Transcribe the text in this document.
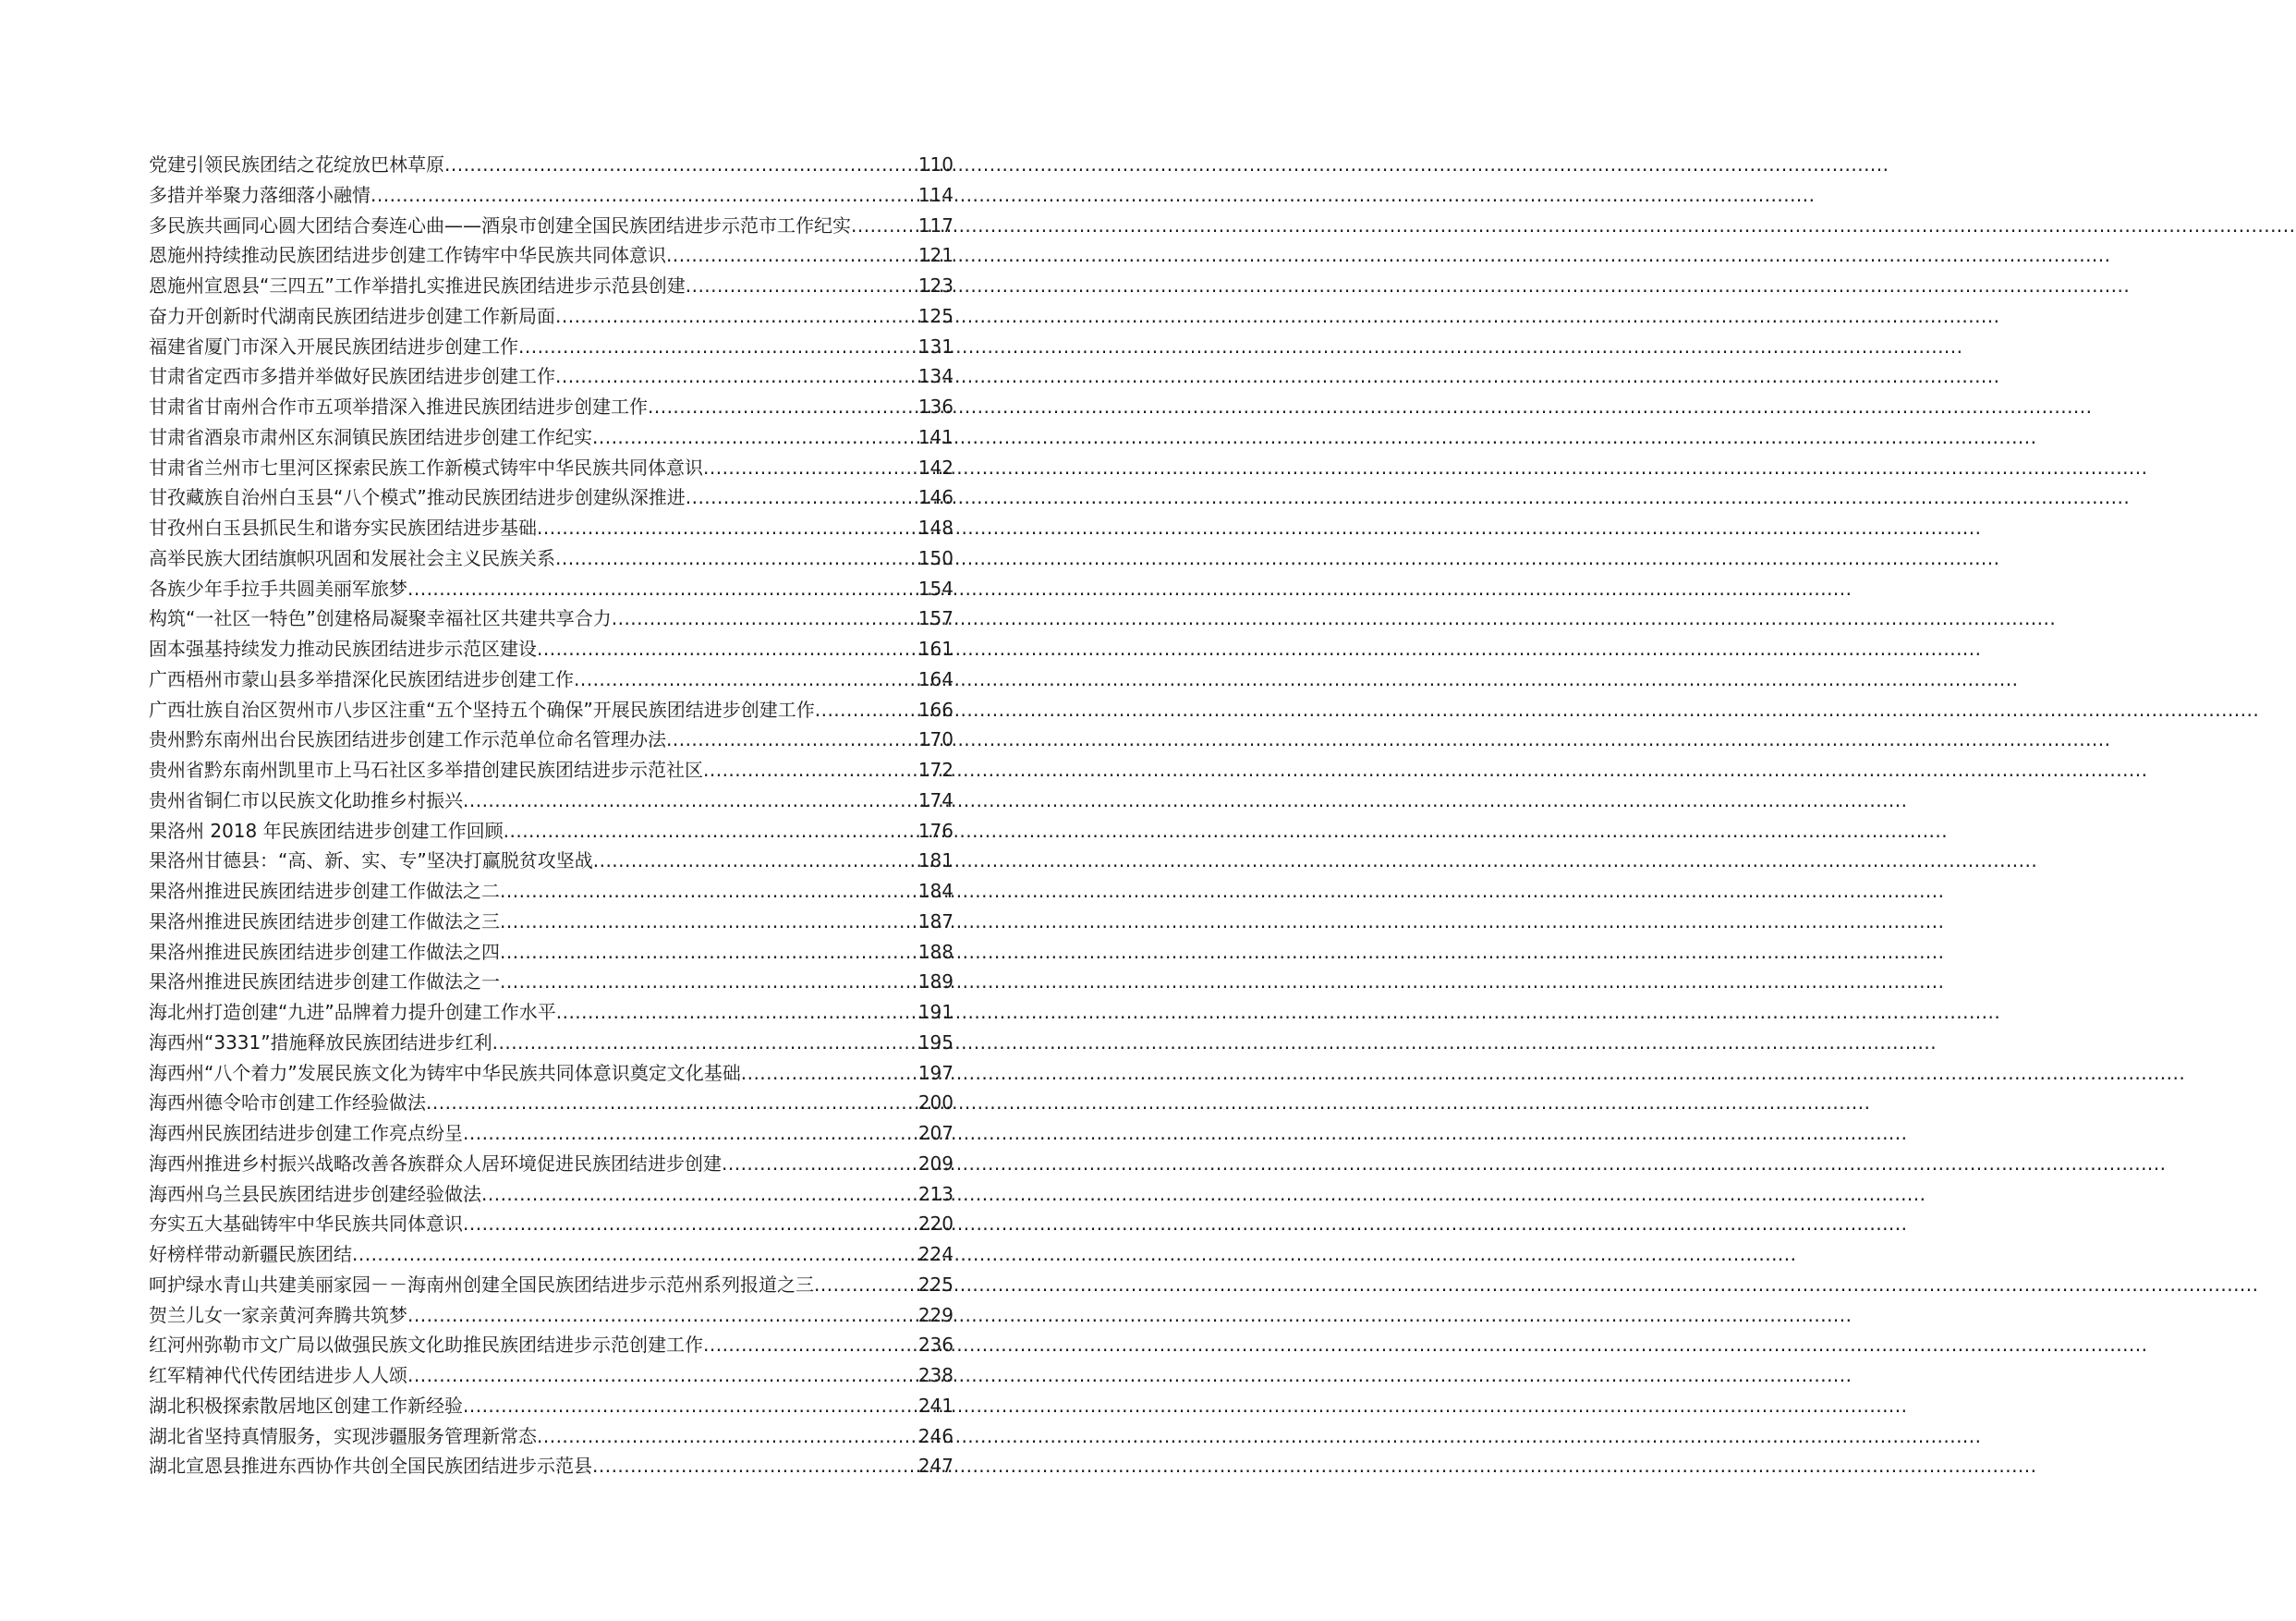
党建引领民族团结之花绽放巴林草原 .....	110
多措并举聚力落细落小融情 .....	114
多民族共画同心圆大团结合奏连心曲——酒泉市创建全国民族团结进步示范市工作纪实 .....	117
恩施州持续推动民族团结进步创建工作铸牢中华民族共同体意识 .....	121
恩施州宣恩县“三四五”工作举措扎实推进民族团结进步示范县创建 .....	123
奋力开创新时代湖南民族团结进步创建工作新局面 .....	125
福建省厦门市深入开展民族团结进步创建工作 .....	131
甘肃省定西市多措并举做好民族团结进步创建工作 .....	134
甘肃省甘南州合作市五项举措深入推进民族团结进步创建工作 .....	136
甘肃省酒泉市肃州区东洞镇民族团结进步创建工作纪实 .....	141
甘肃省兰州市七里河区探索民族工作新模式铸牢中华民族共同体意识 .....	142
甘孜藏族自治州白玉县“八个模式”推动民族团结进步创建纵深推进 .....	146
甘孜州白玉县抓民生和谐夯实民族团结进步基础 .....	148
高举民族大团结旗帜巩固和发展社会主义民族关系 .....	150
各族少年手拉手共圆美丽军旅梦 .....	154
构筑“一社区一特色”创建格局凝聚幸福社区共建共享合力 .....	157
固本强基持续发力推动民族团结进步示范区建设 .....	161
广西梧州市蒙山县多举措深化民族团结进步创建工作 .....	164
广西壮族自治区贺州市八步区注重“五个坚持五个确保”开展民族团结进步创建工作 .....	166
贵州黔东南州出台民族团结进步创建工作示范单位命名管理办法 .....	170
贵州省黔东南州凯里市上马石社区多举措创建民族团结进步示范社区 .....	172
贵州省铜仁市以民族文化助推乡村振兴 .....	174
果洛州 2018 年民族团结进步创建工作回顾 .....	176
果洛州甘德县：“高、新、实、专”坚决打赢脱贫攻坚战 .....	181
果洛州推进民族团结进步创建工作做法之二 .....	184
果洛州推进民族团结进步创建工作做法之三 .....	187
果洛州推进民族团结进步创建工作做法之四 .....	188
果洛州推进民族团结进步创建工作做法之一 .....	189
海北州打造创建“九进”品牌着力提升创建工作水平 .....	191
海西州“3331”措施释放民族团结进步红利 .....	195
海西州“八个着力”发展民族文化为铸牢中华民族共同体意识奠定文化基础 .....	197
海西州德令哈市创建工作经验做法 .....	200
海西州民族团结进步创建工作亮点纷呈 .....	207
海西州推进乡村振兴战略改善各族群众人居环境促进民族团结进步创建 .....	209
海西州乌兰县民族团结进步创建经验做法 .....	213
夯实五大基础铸牢中华民族共同体意识 .....	220
好榜样带动新疆民族团结 .....	224
呵护绿水青山共建美丽家园－－海南州创建全国民族团结进步示范州系列报道之三 .....	225
贺兰儿女一家亲黄河奔腾共筑梦 .....	229
红河州弥勒市文广局以做强民族文化助推民族团结进步示范创建工作 .....	236
红军精神代代传团结进步人人颂 .....	238
湖北积极探索散居地区创建工作新经验 .....	241
湖北省坚持真情服务，实现涉疆服务管理新常态 .....	246
湖北宣恩县推进东西协作共创全国民族团结进步示范县 .....	247
